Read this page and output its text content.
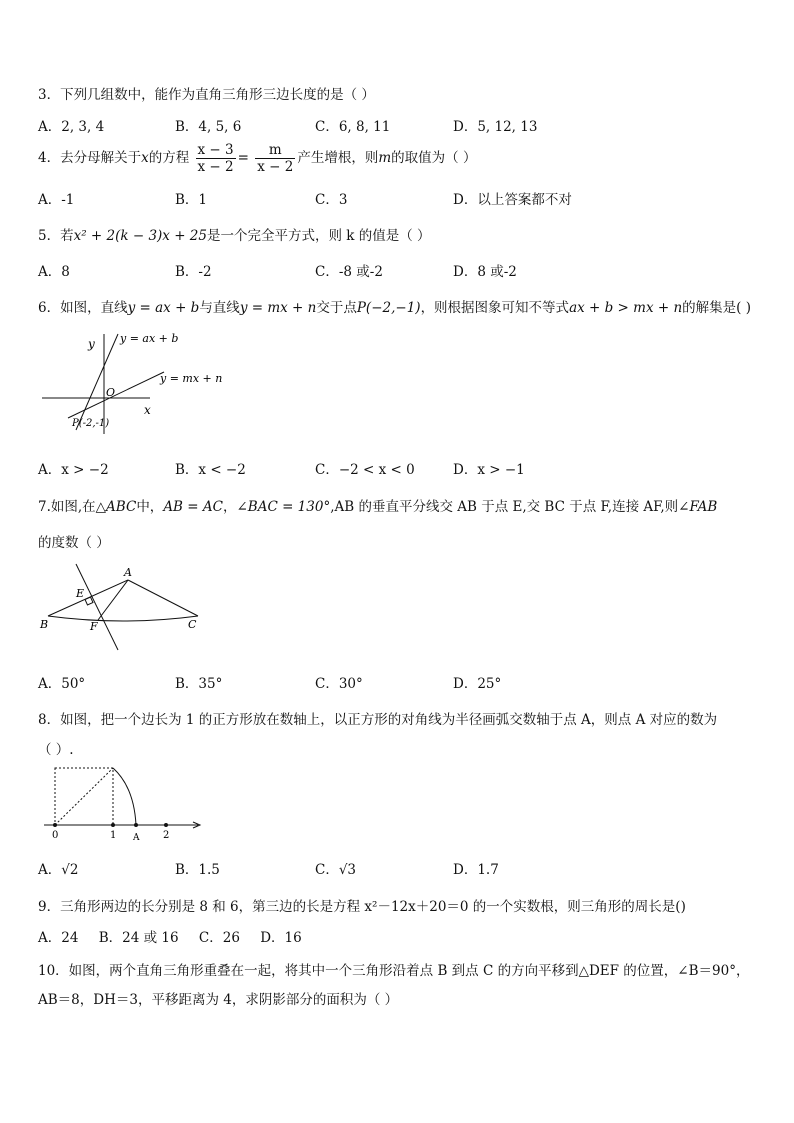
3．下列几组数中，能作为直角三角形三边长度的是（ ）
A．2, 3, 4	B．4, 5, 6	C．6, 8, 11	D．5, 12, 13
4．去分母解关于x的方程 $\frac{x - 3}{x - 2} = \frac{m}{x - 2}$ 产生增根，则m的取值为（ ）
A．-1	B．1	C．3	D．以上答案都不对
5．若x² + 2(k − 3)x + 25是一个完全平方式，则 k 的值是（ ）
A．8	B．-2	C．-8 或-2	D．8 或-2
6．如图，直线y = ax + b与直线y = mx + n交于点P(−2,−1)，则根据图象可知不等式ax + b > mx + n的解集是( )
y y = ax + b
y = mx + n
O
x
P(-2,-1)
A．x > −2	B．x < −2	C．−2 < x < 0	D．x > −1
7.如图,在△ABC中，AB = AC，∠BAC = 130°,AB 的垂直平分线交 AB 于点 E,交 BC 于点 F,连接 AF,则∠FAB
的度数（ ）
A
E
B	F	C
A．50°	B．35°	C．30°	D．25°
8．如图，把一个边长为 1 的正方形放在数轴上，以正方形的对角线为半径画弧交数轴于点 A，则点 A 对应的数为
（ ）.
0	1 A 2
A．√2	B．1.5	C．√3	D．1.7
9．三角形两边的长分别是 8 和 6，第三边的长是方程 x²－12x＋20＝0 的一个实数根，则三角形的周长是()
A．24 B．24 或 16 C．26 D．16
10．如图，两个直角三角形重叠在一起，将其中一个三角形沿着点 B 到点 C 的方向平移到△DEF 的位置，∠B＝90°，
AB＝8，DH＝3，平移距离为 4，求阴影部分的面积为（ ）
